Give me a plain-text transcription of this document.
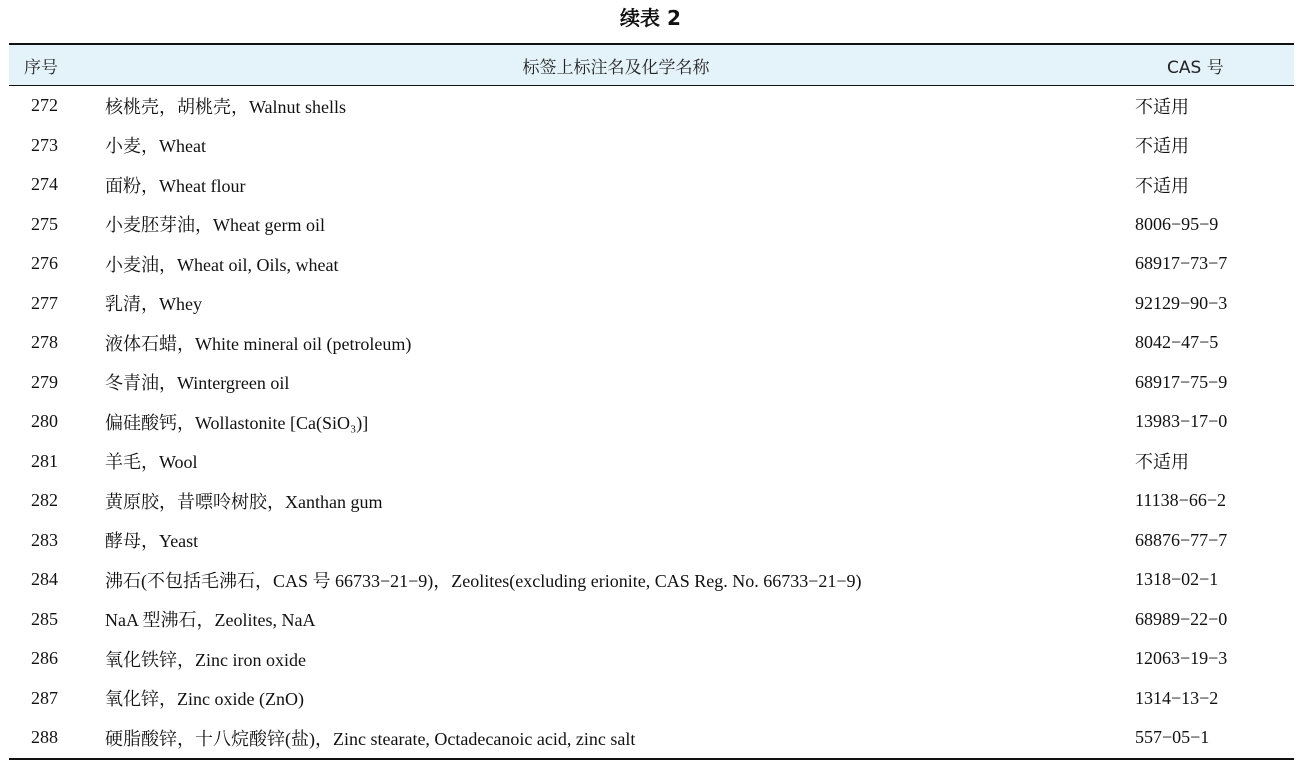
续表 2
序号	标签上标注名及化学名称	CAS 号
272	核桃壳，胡桃壳，Walnut shells	不适用
273	小麦，Wheat	不适用
274	面粉，Wheat flour	不适用
275	小麦胚芽油，Wheat germ oil	8006−95−9
276	小麦油，Wheat oil, Oils, wheat	68917−73−7
277	乳清，Whey	92129−90−3
278	液体石蜡，White mineral oil (petroleum)	8042−47−5
279	冬青油，Wintergreen oil	68917−75−9
280	偏硅酸钙，Wollastonite [Ca(SiO₃)]	13983−17−0
281	羊毛，Wool	不适用
282	黄原胶，昔嘌呤树胶，Xanthan gum	11138−66−2
283	酵母，Yeast	68876−77−7
284	沸石(不包括毛沸石，CAS 号 66733−21−9)，Zeolites(excluding erionite, CAS Reg. No. 66733−21−9)	1318−02−1
285	NaA 型沸石，Zeolites, NaA	68989−22−0
286	氧化铁锌，Zinc iron oxide	12063−19−3
287	氧化锌，Zinc oxide (ZnO)	1314−13−2
288	硬脂酸锌，十八烷酸锌(盐)，Zinc stearate, Octadecanoic acid, zinc salt	557−05−1
